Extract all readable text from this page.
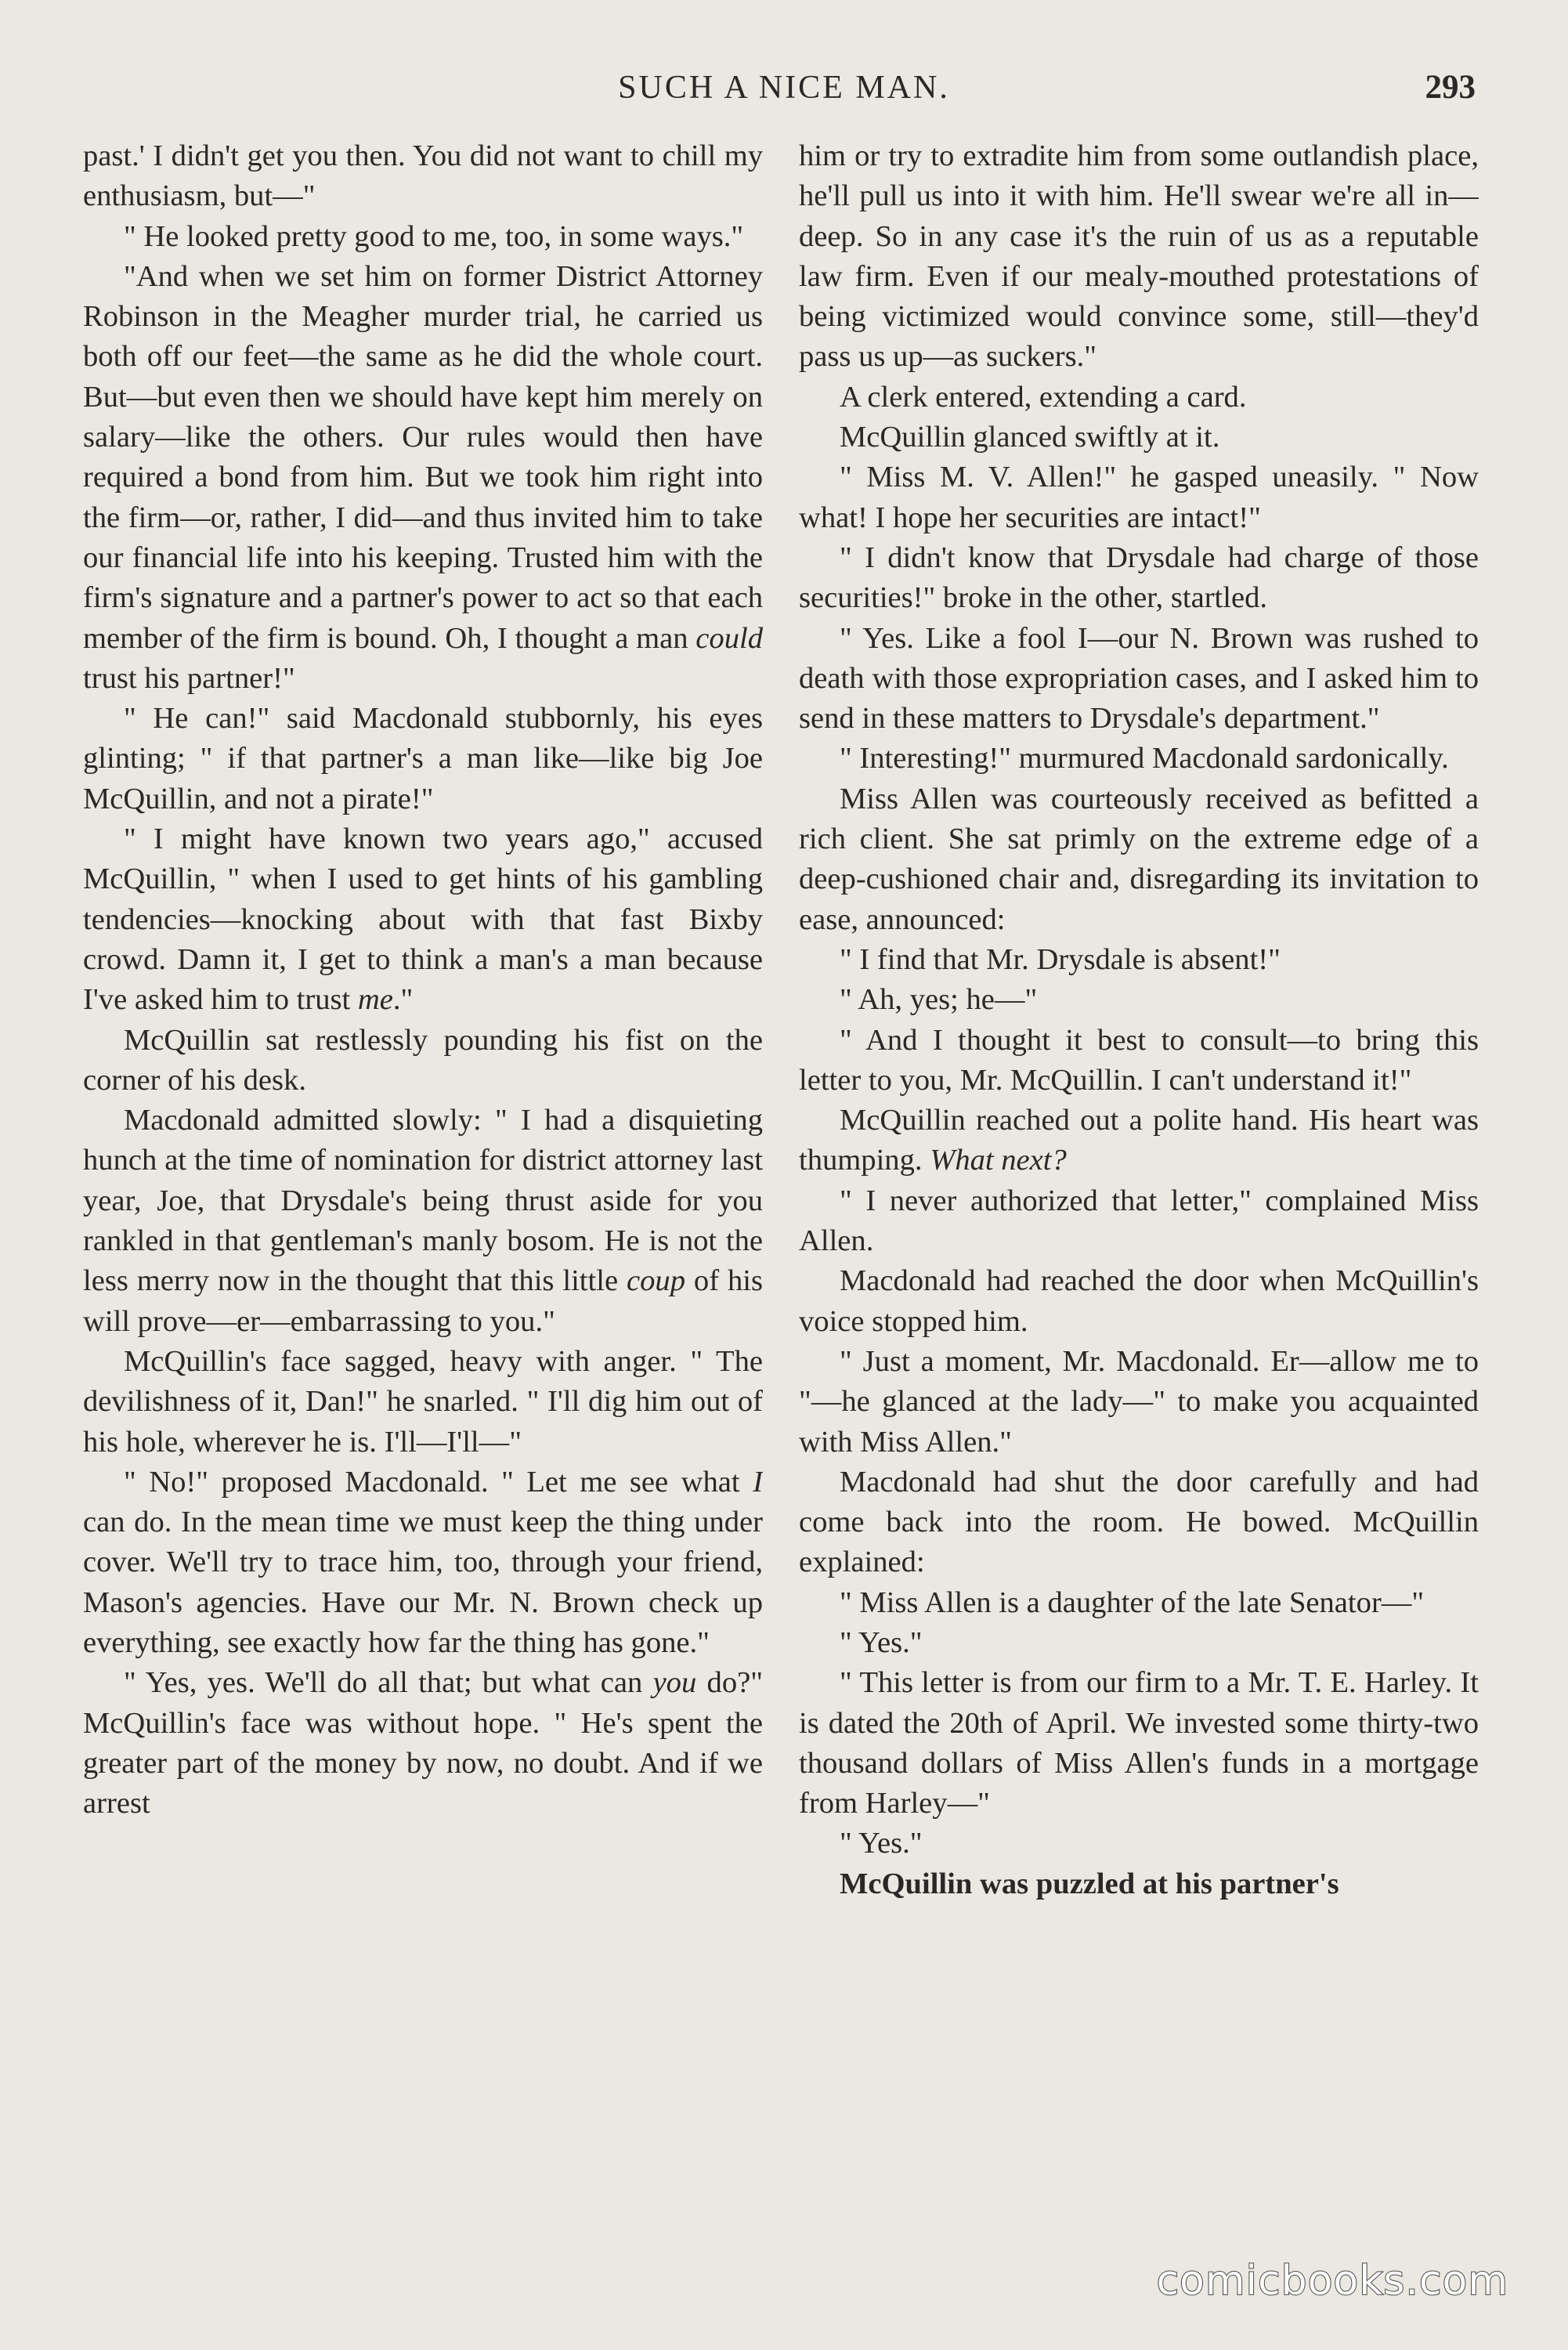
SUCH A NICE MAN.	293

past.' I didn't get you then. You did not want to chill my enthusiasm, but—"

" He looked pretty good to me, too, in some ways."

"And when we set him on former District Attorney Robinson in the Meagher murder trial, he carried us both off our feet—the same as he did the whole court. But—but even then we should have kept him merely on salary—like the others. Our rules would then have required a bond from him. But we took him right into the firm—or, rather, I did—and thus invited him to take our financial life into his keeping. Trusted him with the firm's signature and a partner's power to act so that each member of the firm is bound. Oh, I thought a man could trust his partner!"

" He can!" said Macdonald stubbornly, his eyes glinting; " if that partner's a man like—like big Joe McQuillin, and not a pirate!"

" I might have known two years ago," accused McQuillin, " when I used to get hints of his gambling tendencies—knocking about with that fast Bixby crowd. Damn it, I get to think a man's a man because I've asked him to trust me."

McQuillin sat restlessly pounding his fist on the corner of his desk.

Macdonald admitted slowly: " I had a disquieting hunch at the time of nomination for district attorney last year, Joe, that Drysdale's being thrust aside for you rankled in that gentleman's manly bosom. He is not the less merry now in the thought that this little coup of his will prove—er—embarrassing to you."

McQuillin's face sagged, heavy with anger. " The devilishness of it, Dan!" he snarled. " I'll dig him out of his hole, wherever he is. I'll—I'll—"

" No!" proposed Macdonald. " Let me see what I can do. In the mean time we must keep the thing under cover. We'll try to trace him, too, through your friend, Mason's agencies. Have our Mr. N. Brown check up everything, see exactly how far the thing has gone."

" Yes, yes. We'll do all that; but what can you do?" McQuillin's face was without hope. " He's spent the greater part of the money by now, no doubt. And if we arrest

him or try to extradite him from some outlandish place, he'll pull us into it with him. He'll swear we're all in—deep. So in any case it's the ruin of us as a reputable law firm. Even if our mealy-mouthed protestations of being victimized would convince some, still—they'd pass us up—as suckers."

A clerk entered, extending a card.

McQuillin glanced swiftly at it.

" Miss M. V. Allen!" he gasped uneasily. " Now what! I hope her securities are intact!"

" I didn't know that Drysdale had charge of those securities!" broke in the other, startled.

" Yes. Like a fool I—our N. Brown was rushed to death with those expropriation cases, and I asked him to send in these matters to Drysdale's department."

" Interesting!" murmured Macdonald sardonically.

Miss Allen was courteously received as befitted a rich client. She sat primly on the extreme edge of a deep-cushioned chair and, disregarding its invitation to ease, announced:

" I find that Mr. Drysdale is absent!"

" Ah, yes; he—"

" And I thought it best to consult—to bring this letter to you, Mr. McQuillin. I can't understand it!"

McQuillin reached out a polite hand. His heart was thumping. What next?

" I never authorized that letter," complained Miss Allen.

Macdonald had reached the door when McQuillin's voice stopped him.

" Just a moment, Mr. Macdonald. Er—allow me to "—he glanced at the lady—" to make you acquainted with Miss Allen."

Macdonald had shut the door carefully and had come back into the room. He bowed. McQuillin explained:

" Miss Allen is a daughter of the late Senator—"

" Yes."

" This letter is from our firm to a Mr. T. E. Harley. It is dated the 20th of April. We invested some thirty-two thousand dollars of Miss Allen's funds in a mortgage from Harley—"

" Yes."

McQuillin was puzzled at his partner's

comicbooks.com
